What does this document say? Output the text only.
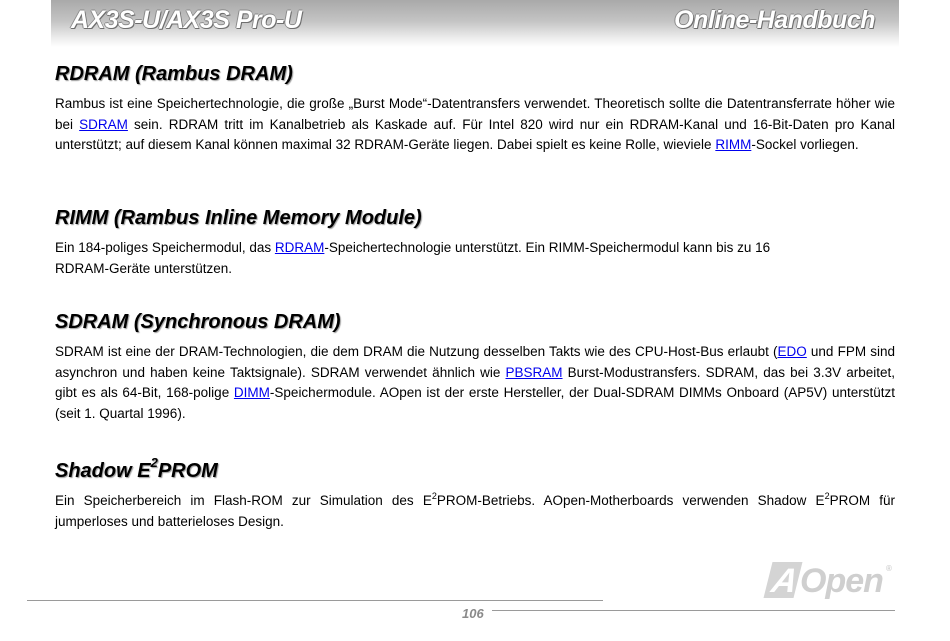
AX3S-U/AX3S Pro-U	Online-Handbuch
RDRAM (Rambus DRAM)

Rambus ist eine Speichertechnologie, die große „Burst Mode“-Datentransfers verwendet. Theoretisch sollte die Datentransferrate höher wie bei SDRAM sein. RDRAM tritt im Kanalbetrieb als Kaskade auf. Für Intel 820 wird nur ein RDRAM-Kanal und 16-Bit-Daten pro Kanal unterstützt; auf diesem Kanal können maximal 32 RDRAM-Geräte liegen. Dabei spielt es keine Rolle, wieviele RIMM-Sockel vorliegen.

RIMM (Rambus Inline Memory Module)

Ein 184-poliges Speichermodul, das RDRAM-Speichertechnologie unterstützt. Ein RIMM-Speichermodul kann bis zu 16
RDRAM-Geräte unterstützen.

SDRAM (Synchronous DRAM)

SDRAM ist eine der DRAM-Technologien, die dem DRAM die Nutzung desselben Takts wie des CPU-Host-Bus erlaubt (EDO und FPM sind asynchron und haben keine Taktsignale). SDRAM verwendet ähnlich wie PBSRAM Burst-Modustransfers. SDRAM, das bei 3.3V arbeitet, gibt es als 64-Bit, 168-polige DIMM-Speichermodule. AOpen ist der erste Hersteller, der Dual-SDRAM DIMMs Onboard (AP5V) unterstützt (seit 1. Quartal 1996).

Shadow $E^2PROM$

Ein Speicherbereich im Flash-ROM zur Simulation des $E^2PROM$-Betriebs. AOpen-Motherboards verwenden Shadow $E^2PROM$ für jumperloses und batterieloses Design.

AOpen ®
106
